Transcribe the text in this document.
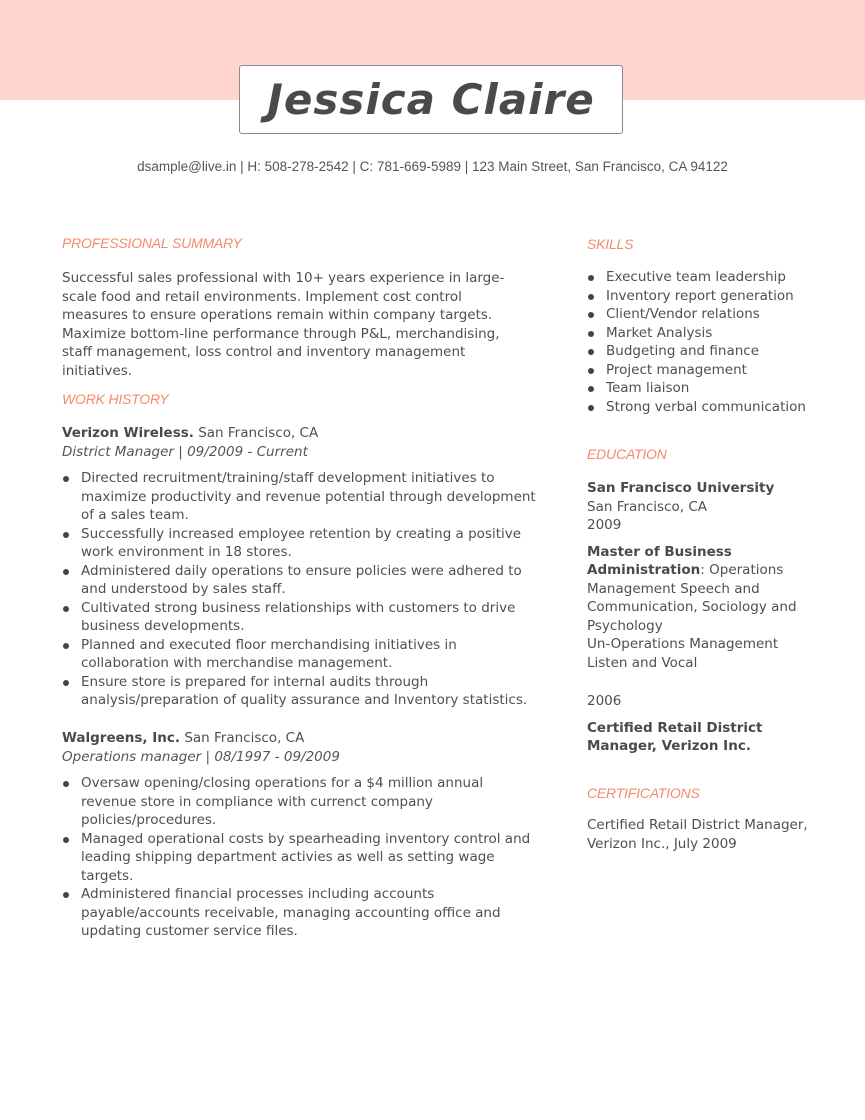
Jessica Claire
dsample@live.in | H: 508-278-2542 | C: 781-669-5989 | 123 Main Street, San Francisco, CA 94122
PROFESSIONAL SUMMARY
Successful sales professional with 10+ years experience in large-scale food and retail environments. Implement cost control measures to ensure operations remain within company targets. Maximize bottom-line performance through P&L, merchandising, staff management, loss control and inventory management initiatives.
WORK HISTORY
Verizon Wireless. San Francisco, CA
District Manager | 09/2009 - Current
Directed recruitment/training/staff development initiatives to maximize productivity and revenue potential through development of a sales team.
Successfully increased employee retention by creating a positive work environment in 18 stores.
Administered daily operations to ensure policies were adhered to and understood by sales staff.
Cultivated strong business relationships with customers to drive business developments.
Planned and executed floor merchandising initiatives in collaboration with merchandise management.
Ensure store is prepared for internal audits through analysis/preparation of quality assurance and Inventory statistics.
Walgreens, Inc. San Francisco, CA
Operations manager | 08/1997 - 09/2009
Oversaw opening/closing operations for a $4 million annual revenue store in compliance with currenct company policies/procedures.
Managed operational costs by spearheading inventory control and leading shipping department activies as well as setting wage targets.
Administered financial processes including accounts payable/accounts receivable, managing accounting office and updating customer service files.
SKILLS
Executive team leadership
Inventory report generation
Client/Vendor relations
Market Analysis
Budgeting and finance
Project management
Team liaison
Strong verbal communication
EDUCATION
San Francisco University
San Francisco, CA
2009
Master of Business Administration: Operations Management Speech and Communication, Sociology and Psychology
Un-Operations Management Listen and Vocal
2006
Certified Retail District Manager, Verizon Inc.
CERTIFICATIONS
Certified Retail District Manager, Verizon Inc., July 2009
